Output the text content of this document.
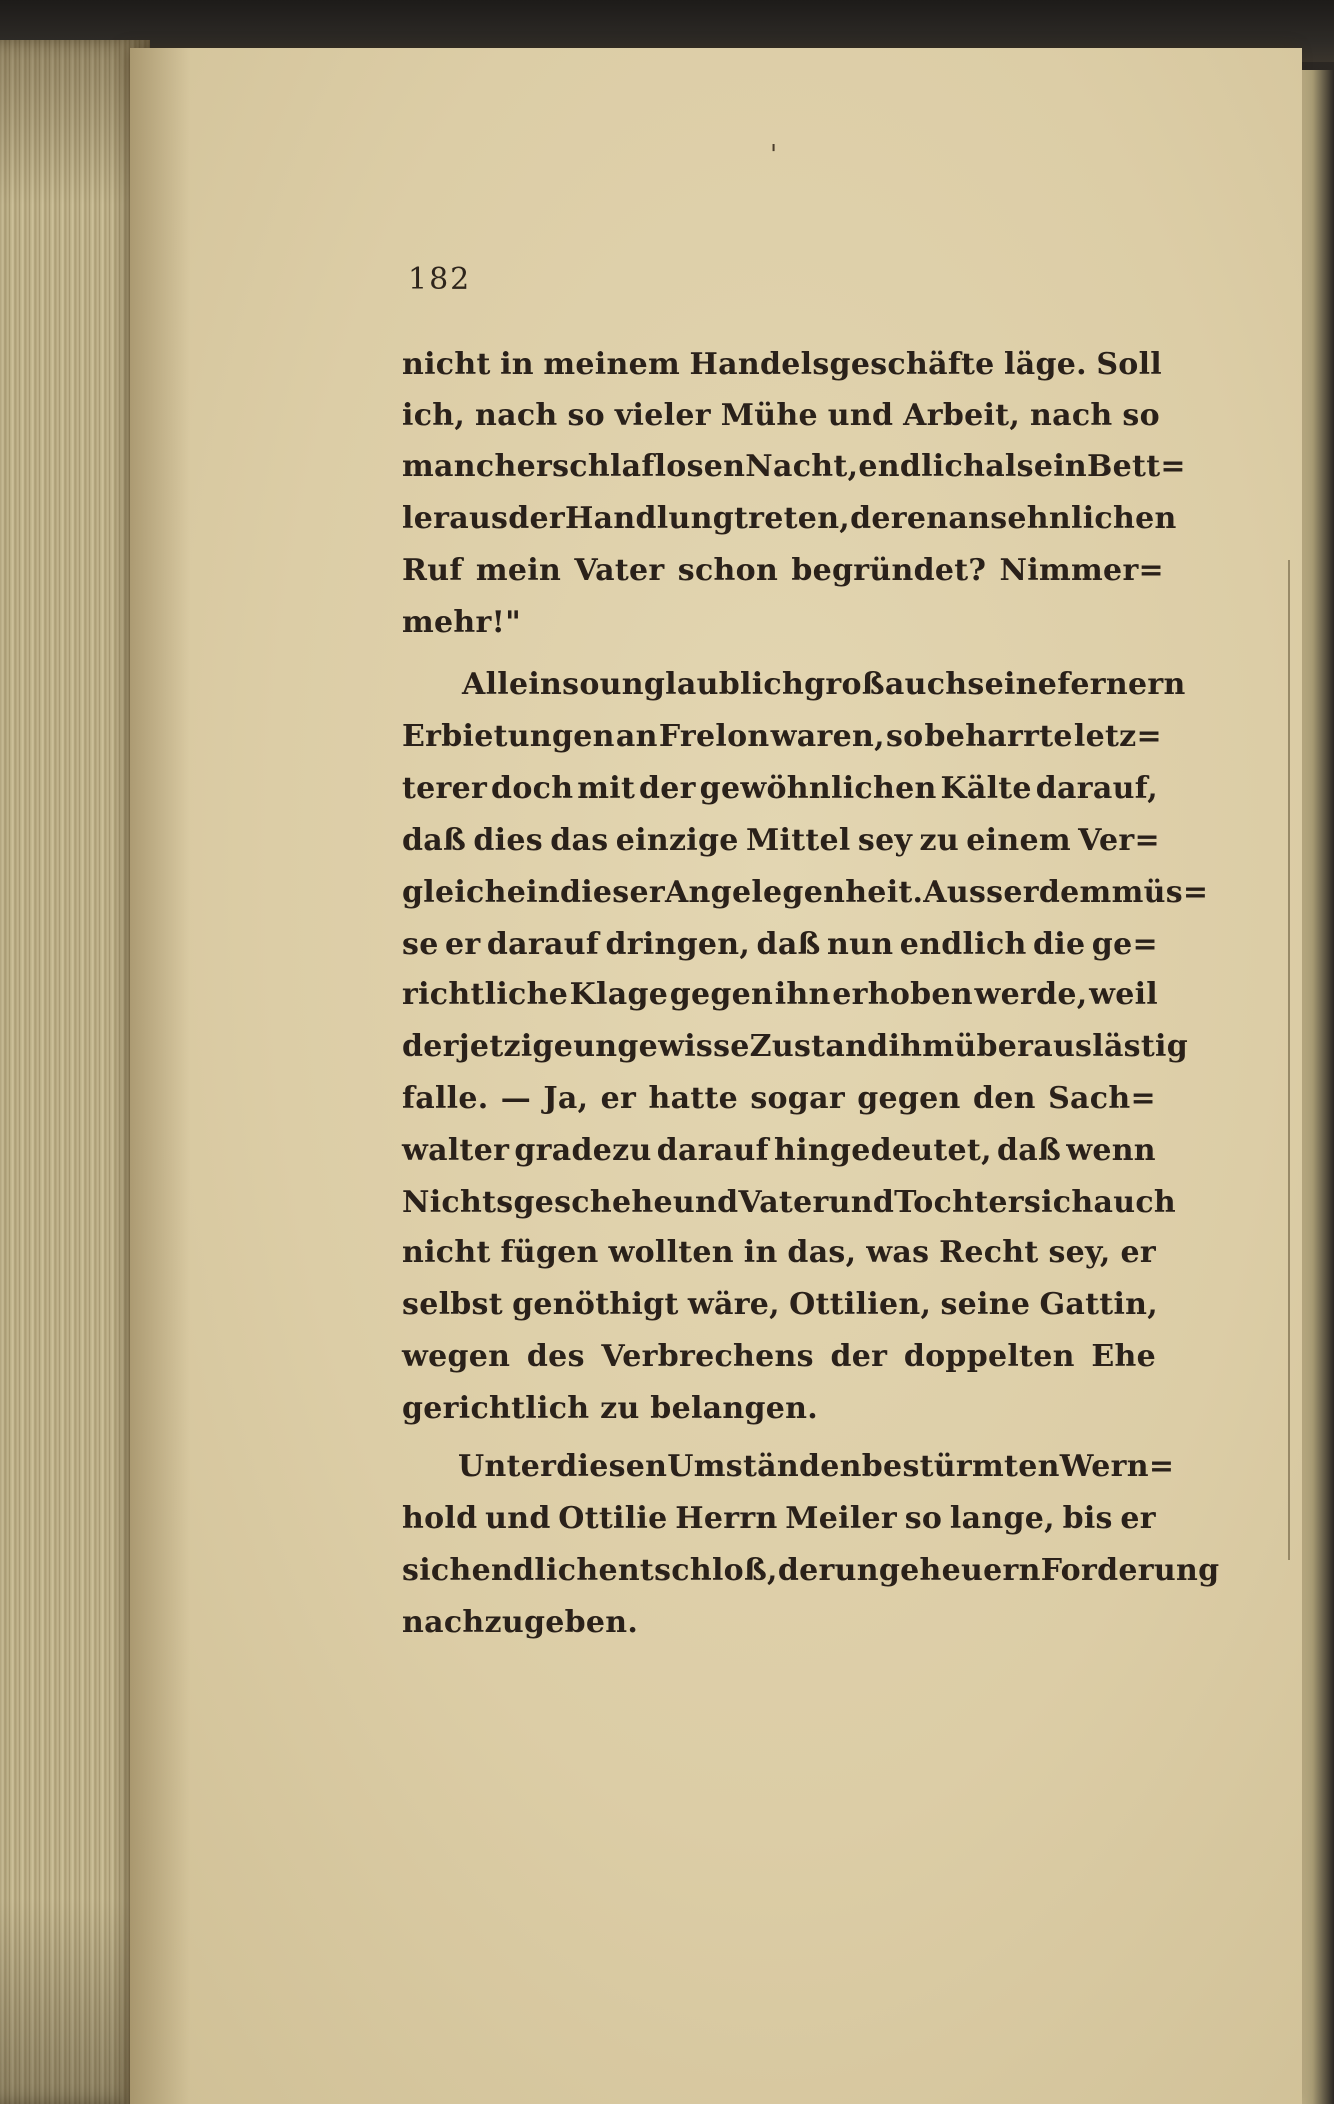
'
182
nicht in meinem Handelsgeschäfte läge. Soll
ich, nach so vieler Mühe und Arbeit, nach so
mancher schlaflosen Nacht, endlich als ein Bett=
ler aus der Handlung treten, deren ansehnlichen
Ruf mein Vater schon begründet? Nimmer=
mehr!"
Allein so unglaublich groß auch seine fernern
Erbietungen an Frelon waren, so beharrte letz=
terer doch mit der gewöhnlichen Kälte darauf,
daß dies das einzige Mittel sey zu einem Ver=
gleiche in dieser Angelegenheit. Ausserdem müs=
se er darauf dringen, daß nun endlich die ge=
richtliche Klage gegen ihn erhoben werde, weil
der jetzige ungewisse Zustand ihm überaus lästig
falle. — Ja, er hatte sogar gegen den Sach=
walter gradezu darauf hingedeutet, daß wenn
Nichts geschehe und Vater und Tochter sich auch
nicht fügen wollten in das, was Recht sey, er
selbst genöthigt wäre, Ottilien, seine Gattin,
wegen des Verbrechens der doppelten Ehe
gerichtlich zu belangen.
Unter diesen Umständen bestürmten Wern=
hold und Ottilie Herrn Meiler so lange, bis er
sich endlich entschloß, der ungeheuern Forderung
nachzugeben.
